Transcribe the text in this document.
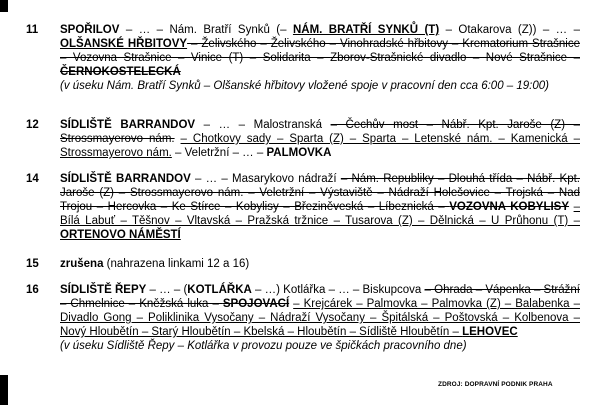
11	SPOŘILOV – … – Nám. Bratří Synků (– NÁM. BRATŘÍ SYNKŮ (T) – Otakarova (Z)) – … – OLŠANSKÉ HŘBITOVY – Želivského – Želivského – Vinohradské hřbitovy – Krematorium Strašnice – Vozovna Strašnice – Vinice (T) – Solidarita – Zborov-Strašnické divadlo – Nové Strašnice – ČERNOKOSTELECKÁ
(v úseku Nám. Bratří Synků – Olšanské hřbitovy vložené spoje v pracovní den cca 6:00 – 19:00)
12	SÍDLIŠTĚ BARRANDOV – … – Malostranská – Čechův most – Nábř. Kpt. Jaroše (Z) – Strossmayerovo nám. – Chotkovy sady – Sparta (Z) – Sparta – Letenské nám. – Kamenická – Strossmayerovo nám. – Veletržní – … – PALMOVKA
14	SÍDLIŠTĚ BARRANDOV – … – Masarykovo nádraží – Nám. Republiky – Dlouhá třída – Nábř. Kpt. Jaroše (Z) – Strossmayerovo nám. – Veletržní – Výstaviště – Nádraží Holešovice – Trojská – Nad Trojou – Hercovka – Ke Stírce – Kobylisy – Březiněveská – Líbeznická – VOZOVNA KOBYLISY – Bílá Labuť – Těšnov – Vltavská – Pražská tržnice – Tusarova (Z) – Dělnická – U Průhonu (T) – ORTENOVO NÁMĚSTÍ
15	zrušena (nahrazena linkami 12 a 16)
16	SÍDLIŠTĚ ŘEPY – … – (KOTLÁŘKA – …) Kotlářka – … – Biskupcova – Ohrada – Vápenka – Strážní – Chmelnice – Kněžská luka – SPOJOVACÍ – Krejcárek – Palmovka – Palmovka (Z) – Balabenka – Divadlo Gong – Poliklinika Vysočany – Nádraží Vysočany – Špitálská – Poštovská – Kolbenova – Nový Hloubětín – Starý Hloubětín – Kbelská – Hloubětín – Sídliště Hloubětín – LEHOVEC
(v úseku Sídliště Řepy – Kotlářka v provozu pouze ve špičkách pracovního dne)
ZDROJ: DOPRAVNÍ PODNIK PRAHA
